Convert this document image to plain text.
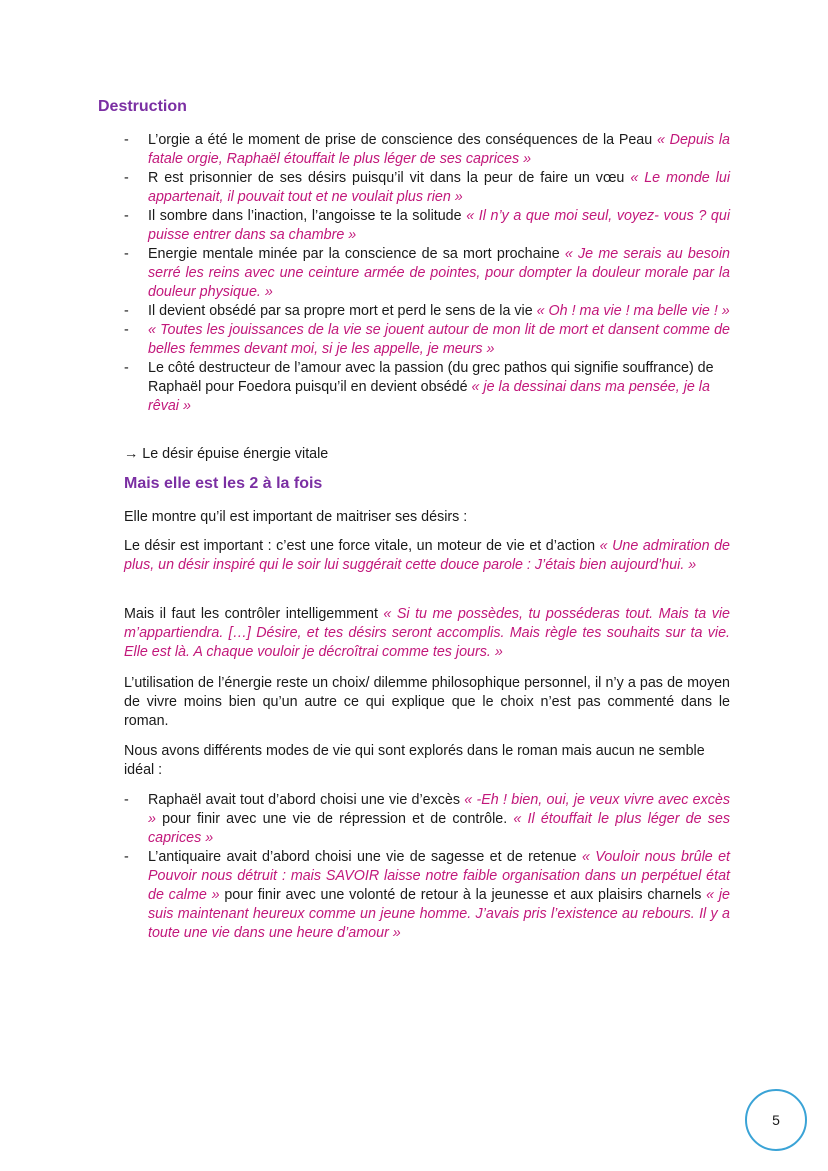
Destruction
- L’orgie a été le moment de prise de conscience des conséquences de la Peau « Depuis la fatale orgie, Raphaël étouffait le plus léger de ses caprices »
- R est prisonnier de ses désirs puisqu’il vit dans la peur de faire un vœu « Le monde lui appartenait, il pouvait tout et ne voulait plus rien »
- Il sombre dans l’inaction, l’angoisse te la solitude « Il n’y a que moi seul, voyez- vous ? qui puisse entrer dans sa chambre »
- Energie mentale minée par la conscience de sa mort prochaine « Je me serais au besoin serré les reins avec une ceinture armée de pointes, pour dompter la douleur morale par la douleur physique. »
- Il devient obsédé par sa propre mort et perd le sens de la vie « Oh ! ma vie ! ma belle vie ! »
- « Toutes les jouissances de la vie se jouent autour de mon lit de mort et dansent comme de belles femmes devant moi, si je les appelle, je meurs »
- Le côté destructeur de l’amour avec la passion (du grec pathos qui signifie souffrance) de Raphaël pour Foedora puisqu’il en devient obsédé « je la dessinai dans ma pensée, je la rêvai »
→ Le désir épuise énergie vitale
Mais elle est les 2 à la fois
Elle montre qu’il est important de maitriser ses désirs :
Le désir est important : c’est une force vitale, un moteur de vie et d’action « Une admiration de plus, un désir inspiré qui le soir lui suggérait cette douce parole : J’étais bien aujourd’hui. »
Mais il faut les contrôler intelligemment « Si tu me possèdes, tu posséderas tout. Mais ta vie m’appartiendra. […] Désire, et tes désirs seront accomplis. Mais règle tes souhaits sur ta vie. Elle est là. A chaque vouloir je décroîtrai comme tes jours. »
L’utilisation de l’énergie reste un choix/ dilemme philosophique personnel, il n’y a pas de moyen de vivre moins bien qu’un autre ce qui explique que le choix n’est pas commenté dans le roman.
Nous avons différents modes de vie qui sont explorés dans le roman mais aucun ne semble idéal :
- Raphaël avait tout d’abord choisi une vie d’excès « -Eh ! bien, oui, je veux vivre avec excès » pour finir avec une vie de répression et de contrôle. « Il étouffait le plus léger de ses caprices »
- L’antiquaire avait d’abord choisi une vie de sagesse et de retenue « Vouloir nous brûle et Pouvoir nous détruit : mais SAVOIR laisse notre faible organisation dans un perpétuel état de calme » pour finir avec une volonté de retour à la jeunesse et aux plaisirs charnels « je suis maintenant heureux comme un jeune homme. J’avais pris l’existence au rebours. Il y a toute une vie dans une heure d’amour »
5
